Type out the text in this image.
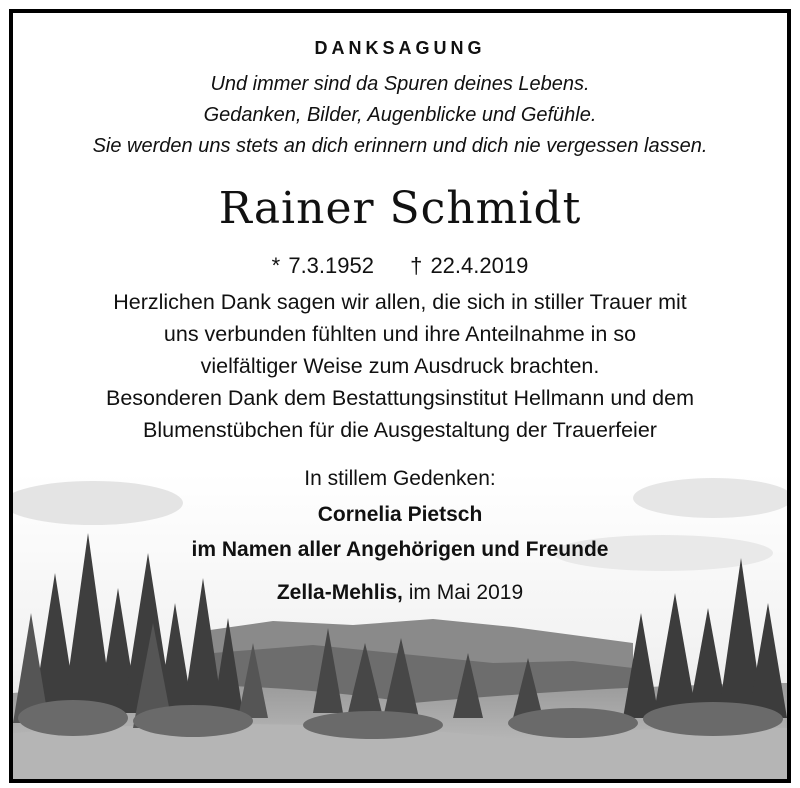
DANKSAGUNG
Und immer sind da Spuren deines Lebens.
Gedanken, Bilder, Augenblicke und Gefühle.
Sie werden uns stets an dich erinnern und dich nie vergessen lassen.
Rainer Schmidt
* 7.3.1952 † 22.4.2019
Herzlichen Dank sagen wir allen, die sich in stiller Trauer mit
uns verbunden fühlten und ihre Anteilnahme in so
vielfältiger Weise zum Ausdruck brachten.
Besonderen Dank dem Bestattungsinstitut Hellmann und dem
Blumenstübchen für die Ausgestaltung der Trauerfeier
In stillem Gedenken:
Cornelia Pietsch
im Namen aller Angehörigen und Freunde
Zella-Mehlis, im Mai 2019
